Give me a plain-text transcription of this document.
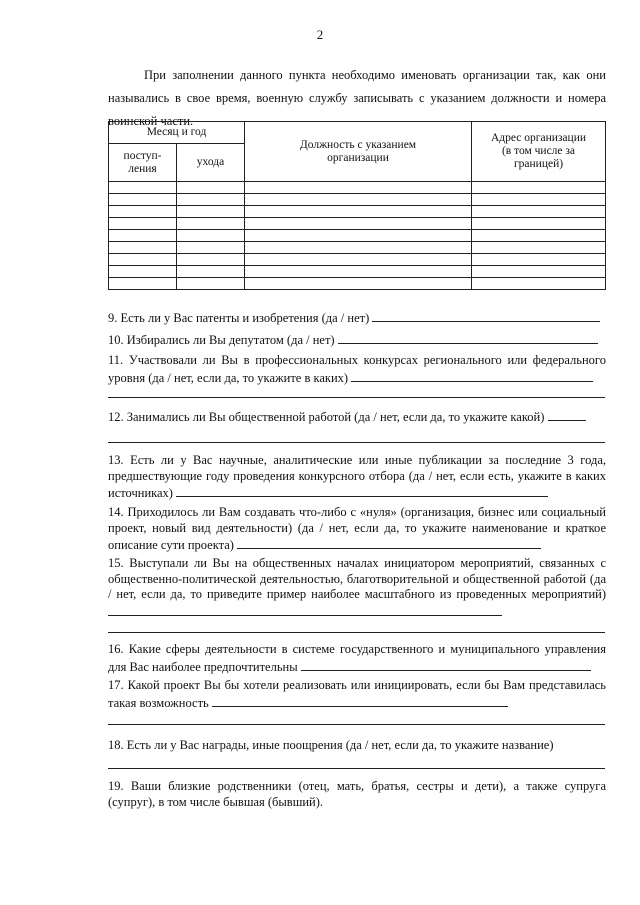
2
При заполнении данного пункта необходимо именовать организации так, как они назывались в свое время, военную службу записывать с указанием должности и номера воинской части.
Месяц и год		Должность с указанием организации	Адрес организации (в том числе за границей)
поступ-ления	ухода		

9. Есть ли у Вас патенты и изобретения (да / нет)
10. Избирались ли Вы депутатом (да / нет)
11. Участвовали ли Вы в профессиональных конкурсах регионального или федерального уровня (да / нет, если да, то укажите в каких)
12. Занимались ли Вы общественной работой (да / нет, если да, то укажите какой)
13. Есть ли у Вас научные, аналитические или иные публикации за последние 3 года, предшествующие году проведения конкурсного отбора (да / нет, если есть, укажите в каких источниках)
14. Приходилось ли Вам создавать что-либо с «нуля» (организация, бизнес или социальный проект, новый вид деятельности) (да / нет, если да, то укажите наименование и краткое описание сути проекта)
15. Выступали ли Вы на общественных началах инициатором мероприятий, связанных с общественно-политической деятельностью, благотворительной и общественной работой (да / нет, если да, то приведите пример наиболее масштабного из проведенных мероприятий)
16. Какие сферы деятельности в системе государственного и муниципального управления для Вас наиболее предпочтительны
17. Какой проект Вы бы хотели реализовать или инициировать, если бы Вам представилась такая возможность
18. Есть ли у Вас награды, иные поощрения (да / нет, если да, то укажите название)
19. Ваши близкие родственники (отец, мать, братья, сестры и дети), а также супруга (супруг), в том числе бывшая (бывший).
